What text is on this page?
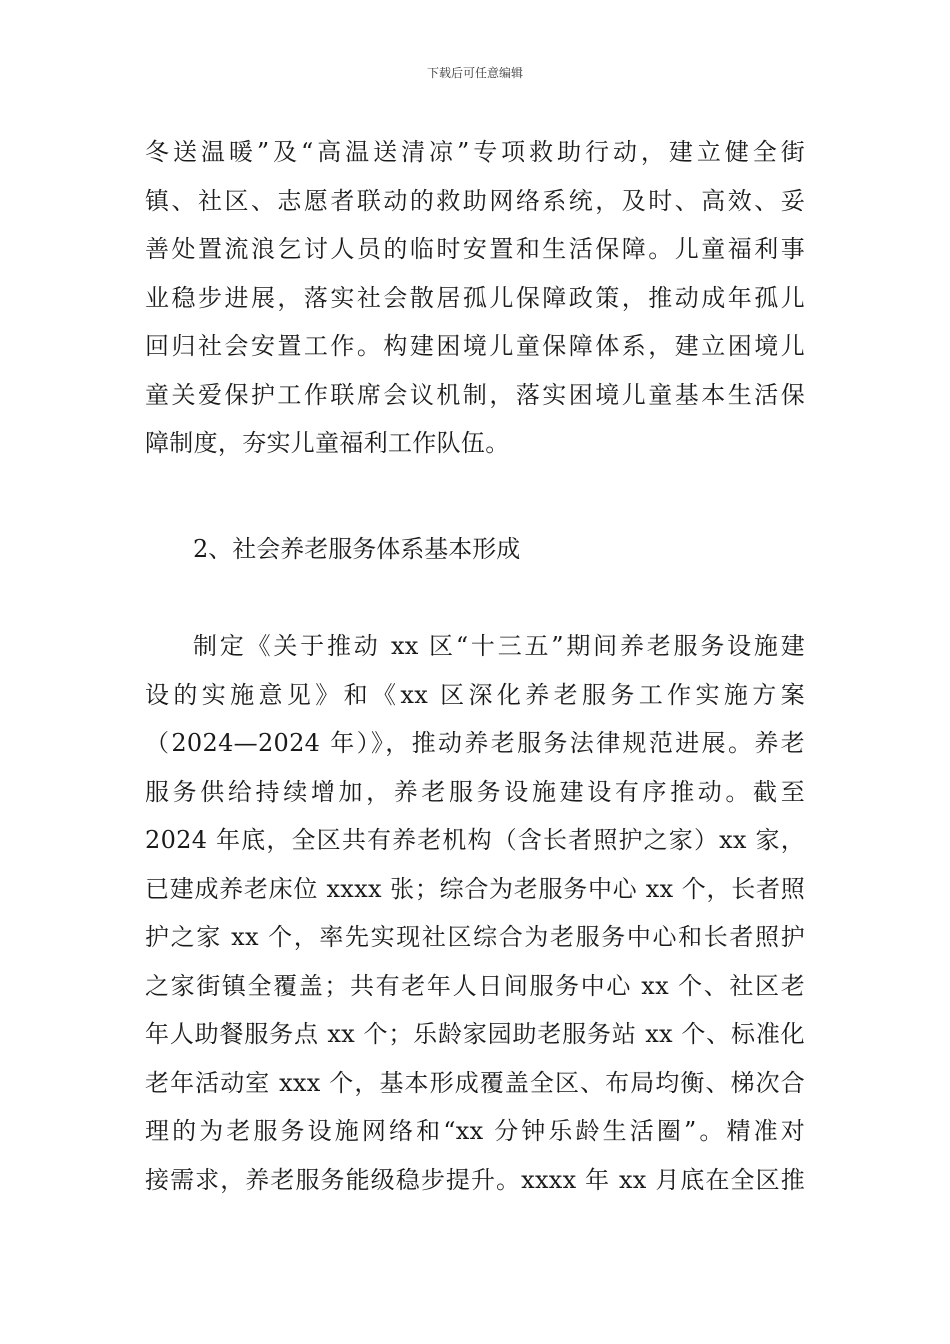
下载后可任意编辑
冬送温暖”及“高温送清凉”专项救助行动，建立健全街
镇、社区、志愿者联动的救助网络系统，及时、高效、妥
善处置流浪乞讨人员的临时安置和生活保障。儿童福利事
业稳步进展，落实社会散居孤儿保障政策，推动成年孤儿
回归社会安置工作。构建困境儿童保障体系，建立困境儿
童关爱保护工作联席会议机制，落实困境儿童基本生活保
障制度，夯实儿童福利工作队伍。
2、社会养老服务体系基本形成
制定《关于推动 xx 区“十三五”期间养老服务设施建
设的实施意见》和《xx 区深化养老服务工作实施方案
（2024—2024 年）》，推动养老服务法律规范进展。养老
服务供给持续增加，养老服务设施建设有序推动。截至
2024 年底，全区共有养老机构（含长者照护之家）xx 家，
已建成养老床位 xxxx 张；综合为老服务中心 xx 个，长者照
护之家 xx 个，率先实现社区综合为老服务中心和长者照护
之家街镇全覆盖；共有老年人日间服务中心 xx 个、社区老
年人助餐服务点 xx 个；乐龄家园助老服务站 xx 个、标准化
老年活动室 xxx 个，基本形成覆盖全区、布局均衡、梯次合
理的为老服务设施网络和“xx 分钟乐龄生活圈”。精准对
接需求，养老服务能级稳步提升。xxxx 年 xx 月底在全区推
